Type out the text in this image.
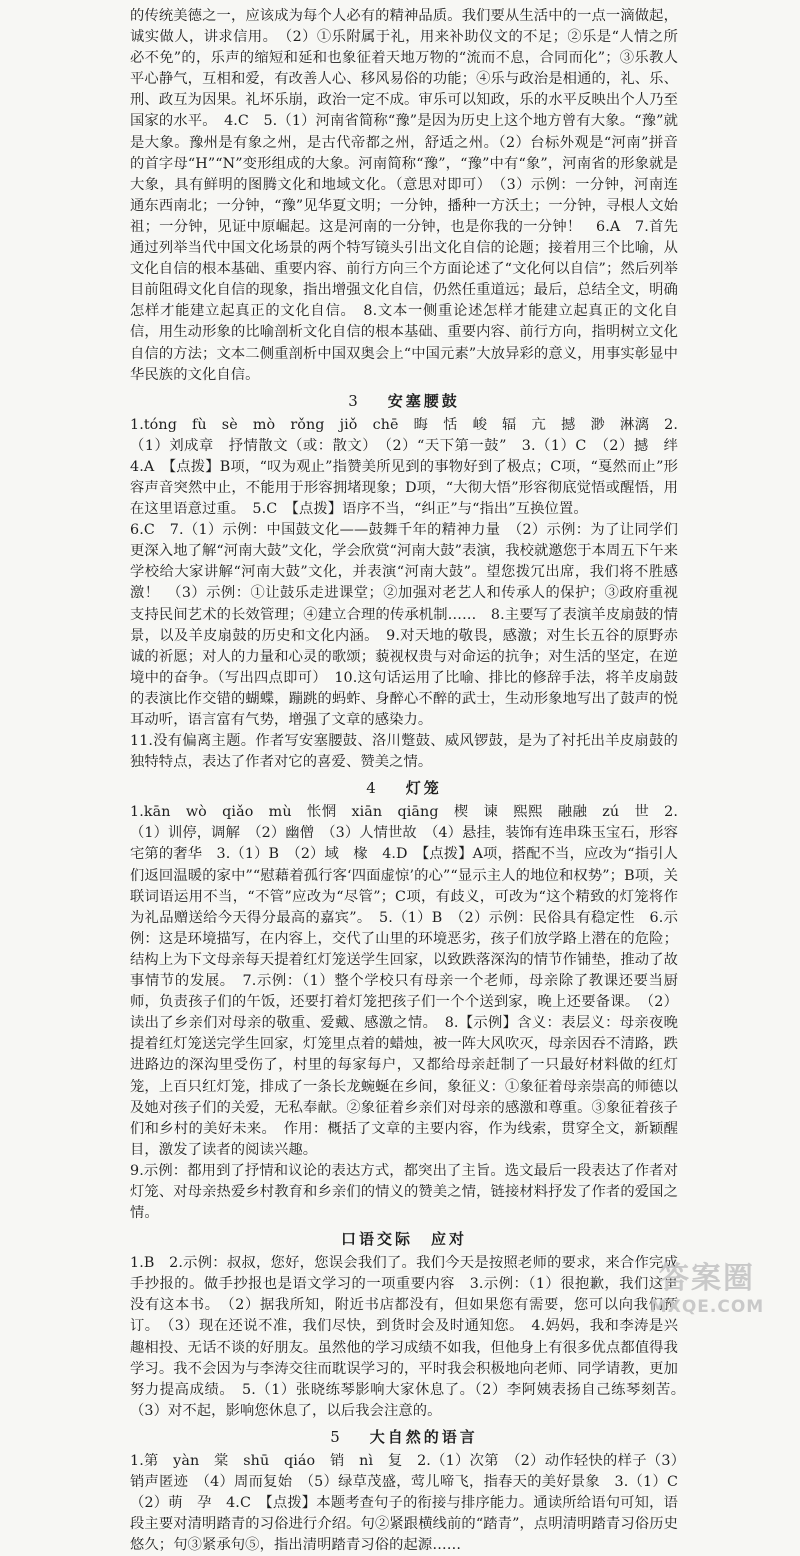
的传统美德之一，应该成为每个人必有的精神品质。我们要从生活中的一点一滴做起，诚实做人，讲求信用。　（2）①乐附属于礼，用来补助仪文的不足；②乐是“人情之所必不免”的，乐声的缩短和延和也象征着天地万物的“流而不息，合同而化”；③乐教人平心静气，互相和爱，有改善人心、移风易俗的功能；④乐与政治是相通的，礼、乐、刑、政互为因果。礼坏乐崩，政治一定不成。审乐可以知政，乐的水平反映出个人乃至国家的水平。　4.C　5.（1）河南省简称“豫”是因为历史上这个地方曾有大象。“豫”就是大象。豫州是有象之州，是古代帝都之州，舒适之州。（2）台标外观是“河南”拼音的首字母“H”“N”变形组成的大象。河南简称“豫”，“豫”中有“象”，河南省的形象就是大象，具有鲜明的图腾文化和地域文化。（意思对即可）　（3）示例：一分钟，河南连通东西南北；一分钟，“豫”见华夏文明；一分钟，播种一方沃土；一分钟，寻根人文始祖；一分钟，见证中原崛起。这是河南的一分钟，也是你我的一分钟！　6.A　7.首先通过列举当代中国文化场景的两个特写镜头引出文化自信的论题；接着用三个比喻，从文化自信的根本基础、重要内容、前行方向三个方面论述了“文化何以自信”；然后列举目前阻碍文化自信的现象，指出增强文化自信，仍然任重道远；最后，总结全文，明确怎样才能建立起真正的文化自信。　8.文本一侧重论述怎样才能建立起真正的文化自信，用生动形象的比喻剖析文化自信的根本基础、重要内容、前行方向，指明树立文化自信的方法；文本二侧重剖析中国双奥会上“中国元素”大放异彩的意义，用事实彰显中华民族的文化自信。

3 安塞腰鼓

1.tóng　fù　sè　mò　rǒng　jiǒ　chē　晦　恬　峻　辐　亢　撼　渺　淋漓　2.（1）刘成章　抒情散文（或：散文）　（2）“天下第一鼓”　3.（1）C　（2）撼　绊　4.A　【点拨】B项，“叹为观止”指赞美所见到的事物好到了极点；C项，“戛然而止”形容声音突然中止，不能用于形容拥堵现象；D项，“大彻大悟”形容彻底觉悟或醒悟，用在这里语意过重。　5.C　【点拨】语序不当，“纠正”与“指出”互换位置。

6.C　7.（1）示例：中国鼓文化——鼓舞千年的精神力量　（2）示例：为了让同学们更深入地了解“河南大鼓”文化，学会欣赏“河南大鼓”表演，我校就邀您于本周五下午来学校给大家讲解“河南大鼓”文化，并表演“河南大鼓”。望您拨冗出席，我们将不胜感激！　（3）示例：①让鼓乐走进课堂；②加强对老艺人和传承人的保护；③政府重视支持民间艺术的长效管理；④建立合理的传承机制……　8.主要写了表演羊皮扇鼓的情景，以及羊皮扇鼓的历史和文化内涵。　9.对天地的敬畏，感激；对生长五谷的原野赤诚的祈愿；对人的力量和心灵的歌颂；藐视权贵与对命运的抗争；对生活的坚定，在逆境中的奋争。（写出四点即可）　10.这句话运用了比喻、排比的修辞手法，将羊皮扇鼓的表演比作交错的蝴蝶，蹦跳的蚂蚱、身醉心不醉的武士，生动形象地写出了鼓声的悦耳动听，语言富有气势，增强了文章的感染力。

11.没有偏离主题。作者写安塞腰鼓、洛川蹩鼓、威风锣鼓，是为了衬托出羊皮扇鼓的独特特点，表达了作者对它的喜爱、赞美之情。

4 灯笼

1.kān　wò　qiǎo　mù　怅惘　xiān　qiāng　楔　谏　熙熙　融融　zú　世　2.（1）训停，调解　（2）幽僧　（3）人情世故　（4）悬挂，装饰有连串珠玉宝石，形容宅第的奢华　3.（1）B　（2）域　椽　4.D　【点拨】A项，搭配不当，应改为“指引人们返回温暖的家中”“慰藉着孤行客‘四面虚惊’的心”“显示主人的地位和权势”；B项，关联词语运用不当，“不管”应改为“尽管”；C项，有歧义，可改为“这个精致的灯笼将作为礼品赠送给今天得分最高的嘉宾”。　5.（1）B　（2）示例：民俗具有稳定性　6.示例：这是环境描写，在内容上，交代了山里的环境恶劣，孩子们放学路上潜在的危险；结构上为下文母亲每天提着红灯笼送学生回家，以致跌落深沟的情节作铺垫，推动了故事情节的发展。　7.示例：（1）整个学校只有母亲一个老师，母亲除了教课还要当厨师，负责孩子们的午饭，还要打着灯笼把孩子们一个个送到家，晚上还要备课。　（2）读出了乡亲们对母亲的敬重、爱戴、感激之情。　8.【示例】含义：表层义：母亲夜晚提着红灯笼送完学生回家，灯笼里点着的蜡烛，被一阵大风吹灭，母亲因吞不清路，跌进路边的深沟里受伤了，村里的每家每户，又都给母亲赶制了一只最好材料做的红灯笼，上百只红灯笼，排成了一条长龙蜿蜒在乡间，象征义：①象征着母亲崇高的师德以及她对孩子们的关爱，无私奉献。②象征着乡亲们对母亲的感激和尊重。③象征着孩子们和乡村的美好未来。　作用：概括了文章的主要内容，作为线索，贯穿全文，新颖醒目，激发了读者的阅读兴趣。

9.示例：都用到了抒情和议论的表达方式，都突出了主旨。选文最后一段表达了作者对灯笼、对母亲热爱乡村教育和乡亲们的情义的赞美之情，链接材料抒发了作者的爱国之情。

口语交际　应对

1.B　2.示例：叔叔，您好，您误会我们了。我们今天是按照老师的要求，来合作完成手抄报的。做手抄报也是语文学习的一项重要内容　3.示例：（1）很抱歉，我们这里没有这本书。　（2）据我所知，附近书店都没有，但如果您有需要，您可以向我们预订。　（3）现在还说不准，我们尽快，到货时会及时通知您。　4.妈妈，我和李涛是兴趣相投、无话不谈的好朋友。虽然他的学习成绩不如我，但他身上有很多优点都值得我学习。我不会因为与李涛交往而耽误学习的，平时我会积极地向老师、同学请教，更加努力提高成绩。　5.（1）张晓练琴影响大家休息了。（2）李阿姨表扬自己练琴刻苦。　（3）对不起，影响您休息了，以后我会注意的。

5 大自然的语言

1.第　yàn　棠　shū　qiáo　销　nì　复　2.（1）次第　（2）动作轻快的样子（3）销声匿迹　（4）周而复始　（5）绿草茂盛，莺儿啼飞，指春天的美好景象　3.（1）C　（2）萌　孕　4.C　【点拨】本题考查句子的衔接与排序能力。通读所给语句可知，语段主要对清明踏青的习俗进行介绍。句②紧跟横线前的“踏青”，点明清明踏青习俗历史悠久；句③紧承句⑤，指出清明踏青习俗的起源……

答案圈
MXQE.COM
